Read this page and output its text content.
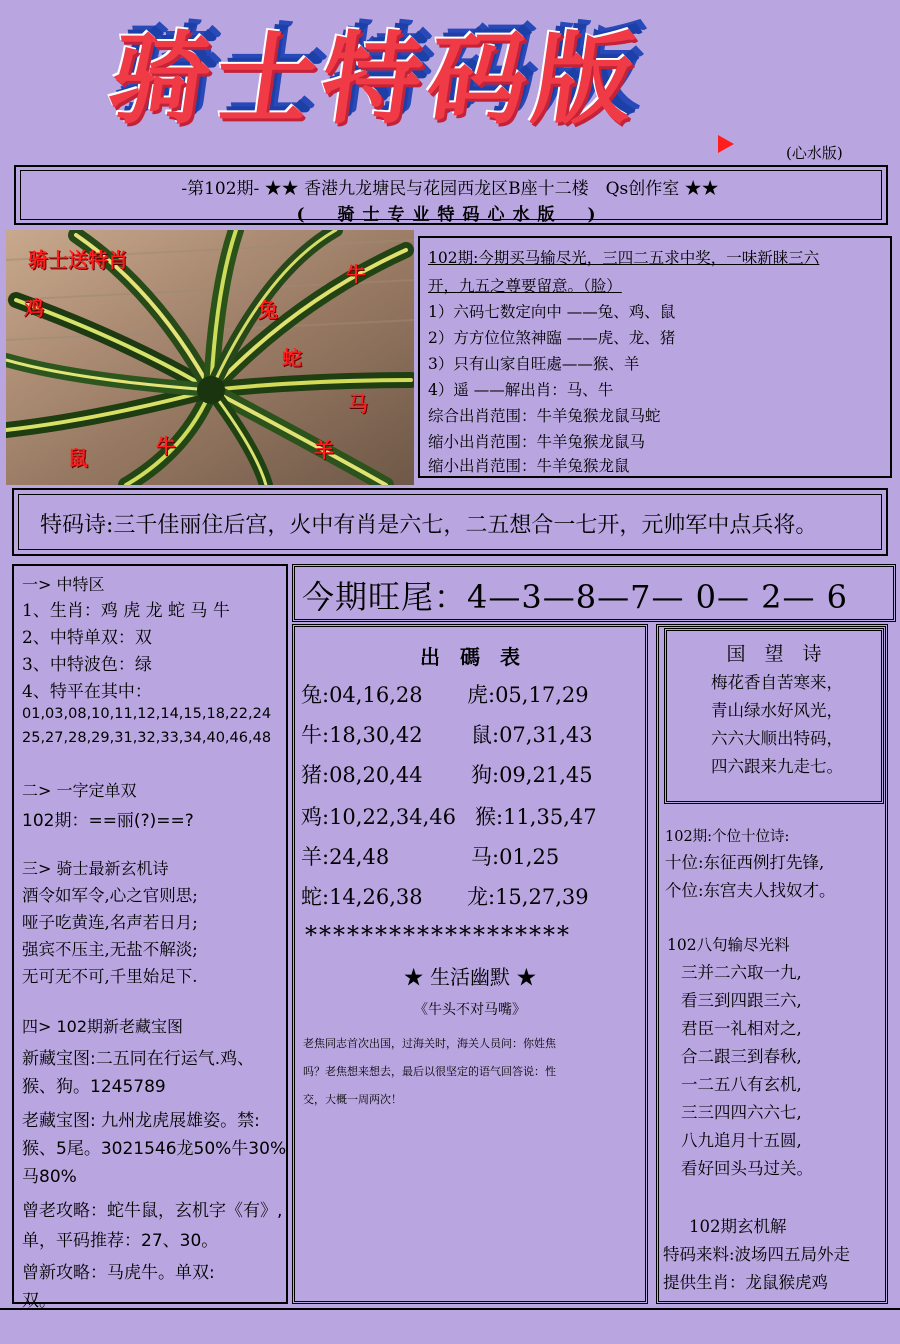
骑士特码版
(心水版)
-第102期- ★★ 香港九龙塘民与花园西龙区B座十二楼　Qs创作室 ★★
(　骑士专业特码心水版　)
骑士送特肖
鸡
牛
兔
蛇
马
鼠	牛	羊
102期:今期买马输尽光，三四二五求中奖，一味新睐三六
开，九五之尊要留意。（脸）
1）六码七数定向中 ——兔、鸡、鼠
2）方方位位煞神臨 ——虎、龙、猪
3）只有山家自旺處——猴、羊
4）遥 ——解出肖：马、牛
综合出肖范围：牛羊兔猴龙鼠马蛇
缩小出肖范围：牛羊兔猴龙鼠马
缩小出肖范围：牛羊兔猴龙鼠
特码诗:三千佳丽住后宫，火中有肖是六七，二五想合一七开，元帅军中点兵将。
一> 中特区
1、生肖：鸡 虎 龙 蛇 马 牛
2、中特单双：双
3、中特波色：绿
4、特平在其中：
01,03,08,10,11,12,14,15,18,22,24
25,27,28,29,31,32,33,34,40,46,48
二> 一字定单双
102期：==丽(?)==?
三> 骑士最新玄机诗
酒令如军令,心之官则思;
哑子吃黄连,名声若日月;
强宾不压主,无盐不解淡;
无可无不可,千里始足下.
四> 102期新老藏宝图
新藏宝图:二五同在行运气.鸡、
猴、狗。1245789
老藏宝图: 九州龙虎展雄姿。禁:
猴、5尾。3021546龙50%牛30%
马80%
曾老攻略：蛇牛鼠，玄机字《有》,
单，平码推荐：27、30。
曾新攻略：马虎牛。单双:
双。
今期旺尾：4—3—8—7— 0— 2— 6
出　碼　表
兔:04,16,28 虎:05,17,29
牛:18,30,42 鼠:07,31,43
猪:08,20,44 狗:09,21,45
鸡:10,22,34,46 猴:11,35,47
羊:24,48	马:01,25
蛇:14,26,38 龙:15,27,39
*******************
★ 生活幽默 ★
《牛头不对马嘴》
老焦同志首次出国，过海关时，海关人员问：你姓焦
吗？老焦想来想去，最后以很坚定的语气回答说：性
交，大概一周两次！
102期:个位十位诗:
十位:东征西例打先锋,
个位:东宫夫人找奴才。
102八句输尽光料
三并二六取一九,
看三到四跟三六,
君臣一礼相对之,
合二跟三到春秋,
一二五八有玄机,
三三四四六六七,
八九追月十五圆,
看好回头马过关。
102期玄机解
特码来料:波场四五局外走
提供生肖：龙鼠猴虎鸡
国　望　诗
梅花香自苦寒来，
青山绿水好风光，
六六大顺出特码，
四六跟来九走七。
